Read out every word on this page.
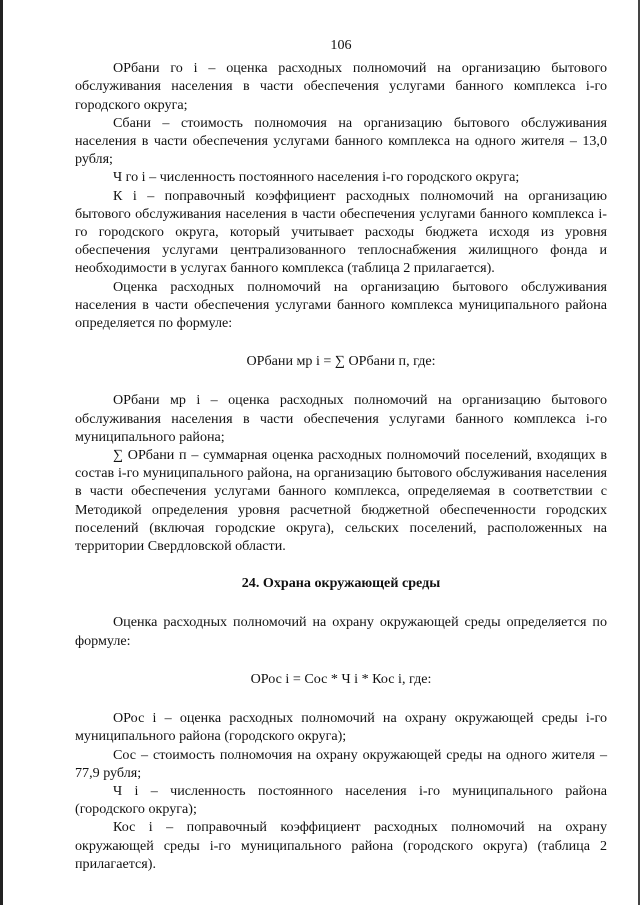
106

ОРбани го i – оценка расходных полномочий на организацию бытового обслуживания населения в части обеспечения услугами банного комплекса i-го городского округа;

Cбани – стоимость полномочия на организацию бытового обслуживания населения в части обеспечения услугами банного комплекса на одного жителя – 13,0 рубля;

Ч го i – численность постоянного населения i-го городского округа;

К i – поправочный коэффициент расходных полномочий на организацию бытового обслуживания населения в части обеспечения услугами банного комплекса i-го городского округа, который учитывает расходы бюджета исходя из уровня обеспечения услугами централизованного теплоснабжения жилищного фонда и необходимости в услугах банного комплекса (таблица 2 прилагается).

Оценка расходных полномочий на организацию бытового обслуживания населения в части обеспечения услугами банного комплекса муниципального района определяется по формуле:

ОРбани мр i = ∑ ОРбани п, где:

ОРбани мр i – оценка расходных полномочий на организацию бытового обслуживания населения в части обеспечения услугами банного комплекса i-го муниципального района;

∑ ОРбани п – суммарная оценка расходных полномочий поселений, входящих в состав i-го муниципального района, на организацию бытового обслуживания населения в части обеспечения услугами банного комплекса, определяемая в соответствии с Методикой определения уровня расчетной бюджетной обеспеченности городских поселений (включая городские округа), сельских поселений, расположенных на территории Свердловской области.

24. Охрана окружающей среды

Оценка расходных полномочий на охрану окружающей среды определяется по формуле:

ОРос i = Сос * Ч i * Кос i, где:

ОРос i – оценка расходных полномочий на охрану окружающей среды i-го муниципального района (городского округа);

Сос – стоимость полномочия на охрану окружающей среды на одного жителя – 77,9 рубля;

Ч i – численность постоянного населения i-го муниципального района (городского округа);

Кос i – поправочный коэффициент расходных полномочий на охрану окружающей среды i-го муниципального района (городского округа) (таблица 2 прилагается).
